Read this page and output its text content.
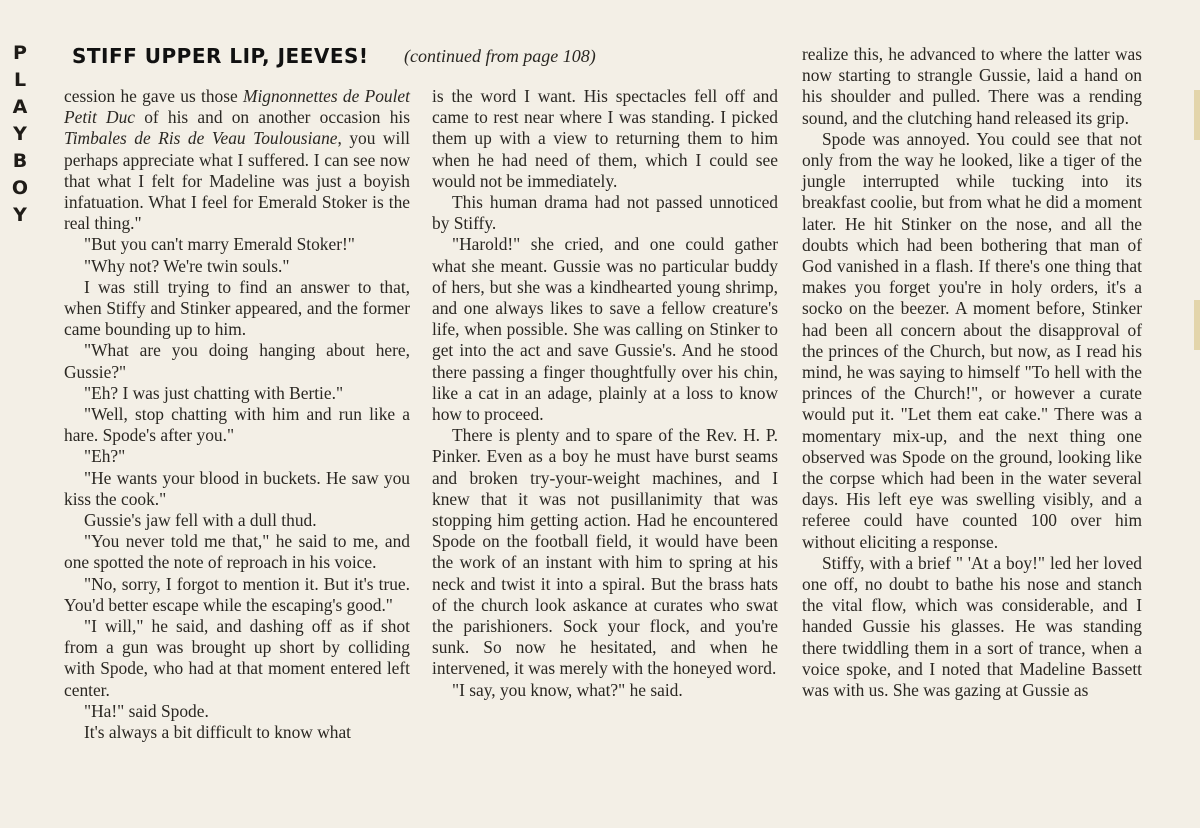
P
L
A
Y
B
O
Y
STIFF UPPER LIP, JEEVES! (continued from page 108)

cession he gave us those Mignonnettes de Poulet Petit Duc of his and on another occasion his Timbales de Ris de Veau Toulousiane, you will perhaps appreciate what I suffered. I can see now that what I felt for Madeline was just a boyish infatuation. What I feel for Emerald Stoker is the real thing."

"But you can't marry Emerald Stoker!"

"Why not? We're twin souls."

I was still trying to find an answer to that, when Stiffy and Stinker appeared, and the former came bounding up to him.

"What are you doing hanging about here, Gussie?"

"Eh? I was just chatting with Bertie."

"Well, stop chatting with him and run like a hare. Spode's after you."

"Eh?"

"He wants your blood in buckets. He saw you kiss the cook."

Gussie's jaw fell with a dull thud.

"You never told me that," he said to me, and one spotted the note of reproach in his voice.

"No, sorry, I forgot to mention it. But it's true. You'd better escape while the escaping's good."

"I will," he said, and dashing off as if shot from a gun was brought up short by colliding with Spode, who had at that moment entered left center.

"Ha!" said Spode.

It's always a bit difficult to know what

is the word I want. His spectacles fell off and came to rest near where I was standing. I picked them up with a view to returning them to him when he had need of them, which I could see would not be immediately.

This human drama had not passed unnoticed by Stiffy.

"Harold!" she cried, and one could gather what she meant. Gussie was no particular buddy of hers, but she was a kindhearted young shrimp, and one always likes to save a fellow creature's life, when possible. She was calling on Stinker to get into the act and save Gussie's. And he stood there passing a finger thoughtfully over his chin, like a cat in an adage, plainly at a loss to know how to proceed.

There is plenty and to spare of the Rev. H. P. Pinker. Even as a boy he must have burst seams and broken try-your-weight machines, and I knew that it was not pusillanimity that was stopping him getting action. Had he encountered Spode on the football field, it would have been the work of an instant with him to spring at his neck and twist it into a spiral. But the brass hats of the church look askance at curates who swat the parishioners. Sock your flock, and you're sunk. So now he hesitated, and when he intervened, it was merely with the honeyed word.

"I say, you know, what?" he said.

realize this, he advanced to where the latter was now starting to strangle Gussie, laid a hand on his shoulder and pulled. There was a rending sound, and the clutching hand released its grip.

Spode was annoyed. You could see that not only from the way he looked, like a tiger of the jungle interrupted while tucking into its breakfast coolie, but from what he did a moment later. He hit Stinker on the nose, and all the doubts which had been bothering that man of God vanished in a flash. If there's one thing that makes you forget you're in holy orders, it's a socko on the beezer. A moment before, Stinker had been all concern about the disapproval of the princes of the Church, but now, as I read his mind, he was saying to himself "To hell with the princes of the Church!", or however a curate would put it. "Let them eat cake." There was a momentary mix-up, and the next thing one observed was Spode on the ground, looking like the corpse which had been in the water several days. His left eye was swelling visibly, and a referee could have counted 100 over him without eliciting a response.

Stiffy, with a brief " 'At a boy!" led her loved one off, no doubt to bathe his nose and stanch the vital flow, which was considerable, and I handed Gussie his glasses. He was standing there twiddling them in a sort of trance, when a voice spoke, and I noted that Madeline Bassett was with us. She was gazing at Gussie as
